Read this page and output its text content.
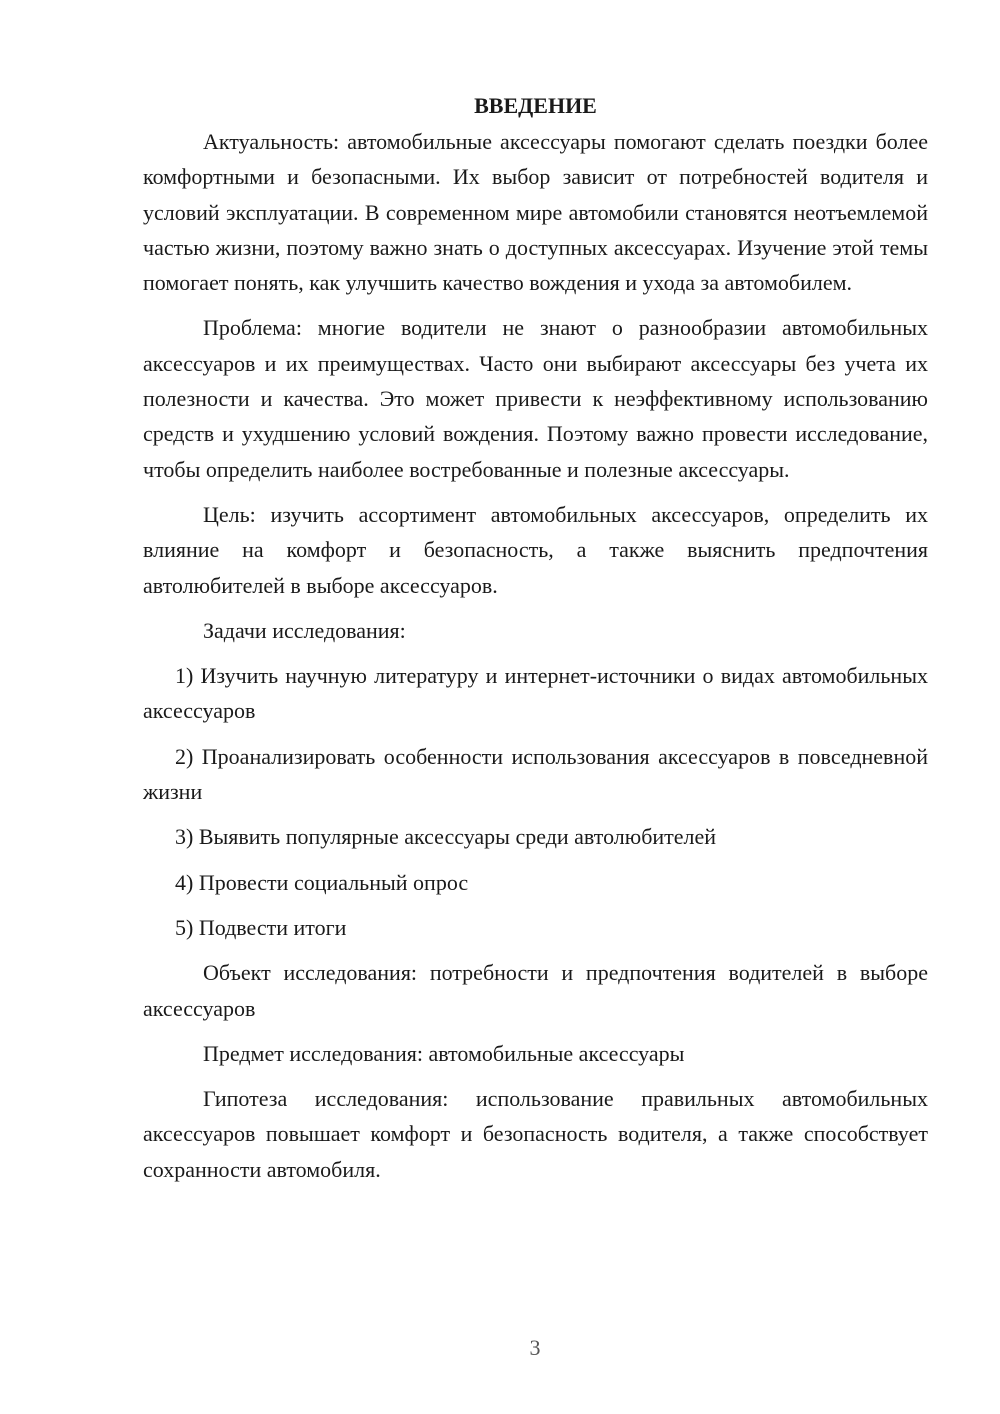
ВВЕДЕНИЕ

Актуальность: автомобильные аксессуары помогают сделать поездки более комфортными и безопасными. Их выбор зависит от потребностей водителя и условий эксплуатации. В современном мире автомобили становятся неотъемлемой частью жизни, поэтому важно знать о доступных аксессуарах. Изучение этой темы помогает понять, как улучшить качество вождения и ухода за автомобилем.

Проблема: многие водители не знают о разнообразии автомобильных аксессуаров и их преимуществах. Часто они выбирают аксессуары без учета их полезности и качества. Это может привести к неэффективному использованию средств и ухудшению условий вождения. Поэтому важно провести исследование, чтобы определить наиболее востребованные и полезные аксессуары.

Цель: изучить ассортимент автомобильных аксессуаров, определить их влияние на комфорт и безопасность, а также выяснить предпочтения автолюбителей в выборе аксессуаров.

Задачи исследования:

1) Изучить научную литературу и интернет-источники о видах автомобильных аксессуаров

2) Проанализировать особенности использования аксессуаров в повседневной жизни

3) Выявить популярные аксессуары среди автолюбителей

4) Провести социальный опрос

5) Подвести итоги

Объект исследования: потребности и предпочтения водителей в выборе аксессуаров

Предмет исследования: автомобильные аксессуары

Гипотеза исследования: использование правильных автомобильных аксессуаров повышает комфорт и безопасность водителя, а также способствует сохранности автомобиля.

3
